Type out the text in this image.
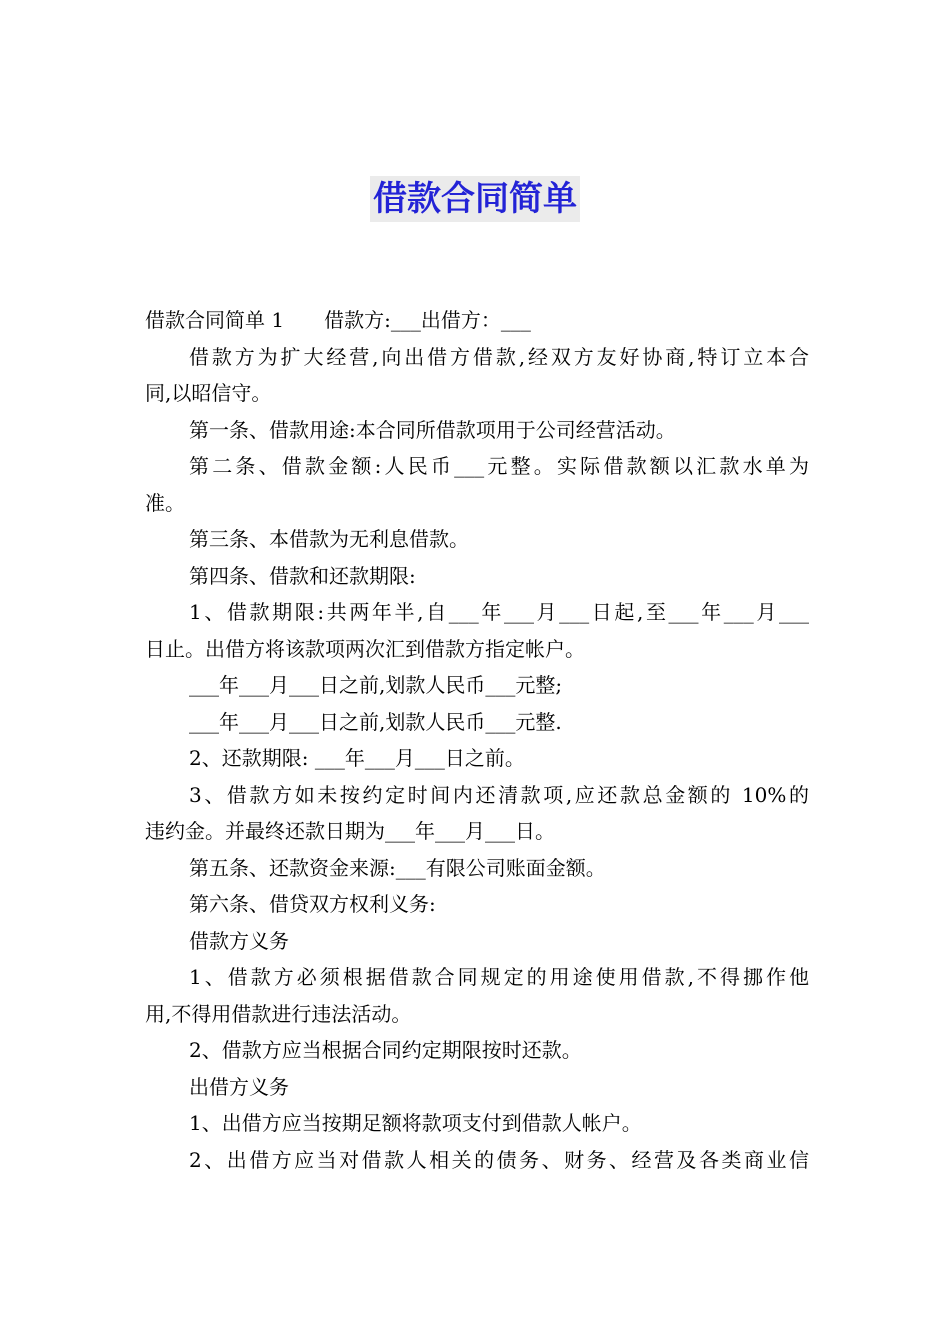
借款合同简单
借款合同简单 1　　借款方:___出借方：___
借款方为扩大经营,向出借方借款,经双方友好协商,特订立本合
同,以昭信守。
第一条、借款用途:本合同所借款项用于公司经营活动。
第二条、借款金额:人民币___元整。实际借款额以汇款水单为
准。
第三条、本借款为无利息借款。
第四条、借款和还款期限:
1、借款期限:共两年半,自___年___月___日起,至___年___月___
日止。出借方将该款项两次汇到借款方指定帐户。
___年___月___日之前,划款人民币___元整;
___年___月___日之前,划款人民币___元整.
2、还款期限: ___年___月___日之前。
3、借款方如未按约定时间内还清款项,应还款总金额的 10%的
违约金。并最终还款日期为___年___月___日。
第五条、还款资金来源:___有限公司账面金额。
第六条、借贷双方权利义务:
借款方义务
1、借款方必须根据借款合同规定的用途使用借款,不得挪作他
用,不得用借款进行违法活动。
2、借款方应当根据合同约定期限按时还款。
出借方义务
1、出借方应当按期足额将款项支付到借款人帐户。
2、出借方应当对借款人相关的债务、财务、经营及各类商业信
